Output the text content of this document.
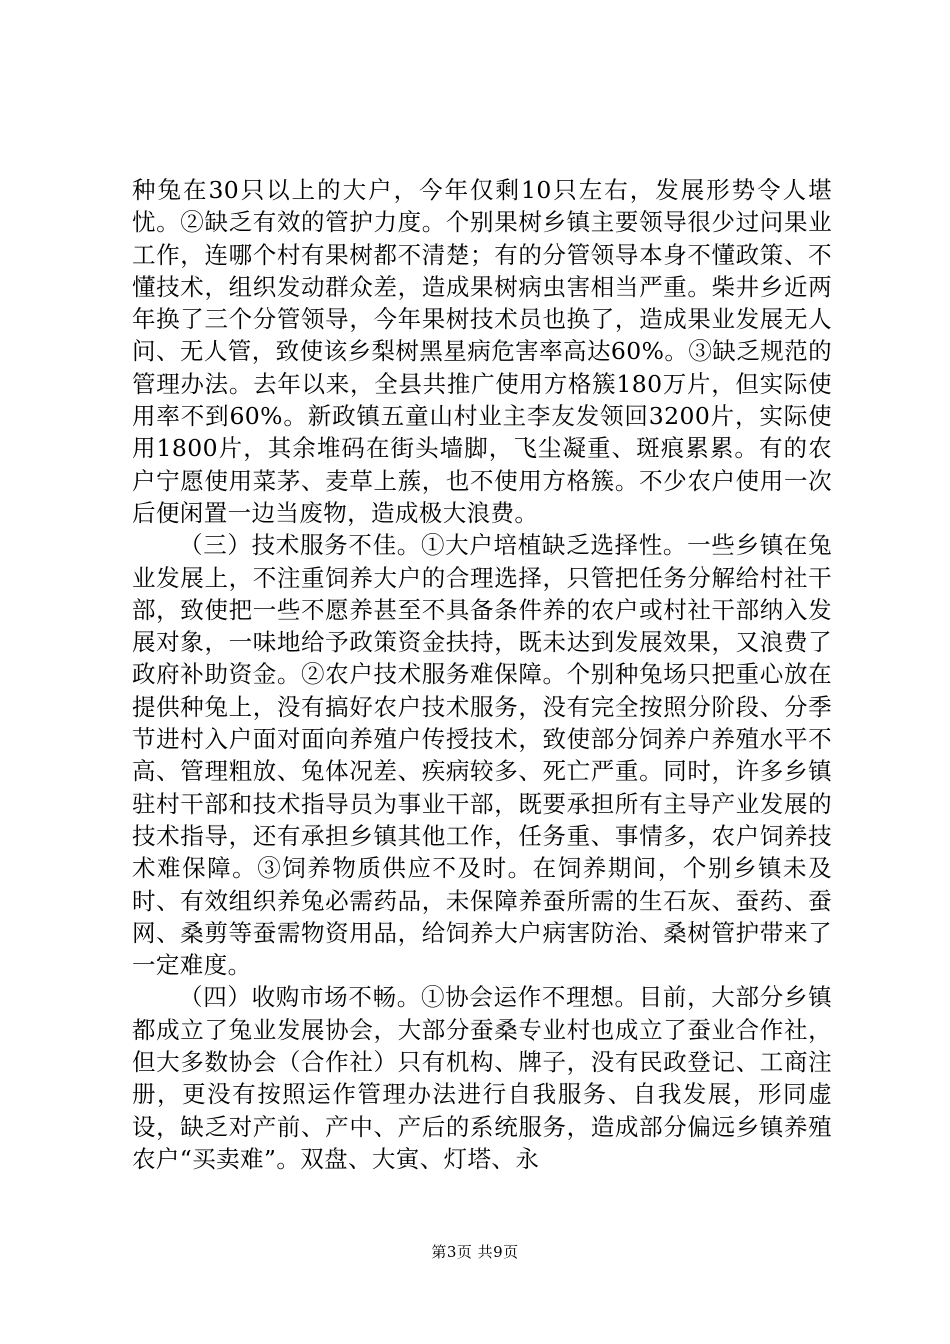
种兔在30只以上的大户，今年仅剩10只左右，发展形势令人堪忧。②缺乏有效的管护力度。个别果树乡镇主要领导很少过问果业工作，连哪个村有果树都不清楚；有的分管领导本身不懂政策、不懂技术，组织发动群众差，造成果树病虫害相当严重。柴井乡近两年换了三个分管领导，今年果树技术员也换了，造成果业发展无人问、无人管，致使该乡梨树黑星病危害率高达60%。③缺乏规范的管理办法。去年以来，全县共推广使用方格簇180万片，但实际使用率不到60%。新政镇五童山村业主李友发领回3200片，实际使用1800片，其余堆码在街头墙脚，飞尘凝重、斑痕累累。有的农户宁愿使用菜茅、麦草上蔟，也不使用方格簇。不少农户使用一次后便闲置一边当废物，造成极大浪费。

（三）技术服务不佳。①大户培植缺乏选择性。一些乡镇在兔业发展上，不注重饲养大户的合理选择，只管把任务分解给村社干部，致使把一些不愿养甚至不具备条件养的农户或村社干部纳入发展对象，一味地给予政策资金扶持，既未达到发展效果，又浪费了政府补助资金。②农户技术服务难保障。个别种兔场只把重心放在提供种兔上，没有搞好农户技术服务，没有完全按照分阶段、分季节进村入户面对面向养殖户传授技术，致使部分饲养户养殖水平不高、管理粗放、兔体况差、疾病较多、死亡严重。同时，许多乡镇驻村干部和技术指导员为事业干部，既要承担所有主导产业发展的技术指导，还有承担乡镇其他工作，任务重、事情多，农户饲养技术难保障。③饲养物质供应不及时。在饲养期间，个别乡镇未及时、有效组织养兔必需药品，未保障养蚕所需的生石灰、蚕药、蚕网、桑剪等蚕需物资用品，给饲养大户病害防治、桑树管护带来了一定难度。

（四）收购市场不畅。①协会运作不理想。目前，大部分乡镇都成立了兔业发展协会，大部分蚕桑专业村也成立了蚕业合作社，但大多数协会（合作社）只有机构、牌子，没有民政登记、工商注册，更没有按照运作管理办法进行自我服务、自我发展，形同虚设，缺乏对产前、产中、产后的系统服务，造成部分偏远乡镇养殖农户“买卖难”。双盘、大寅、灯塔、永

第3页 共9页
